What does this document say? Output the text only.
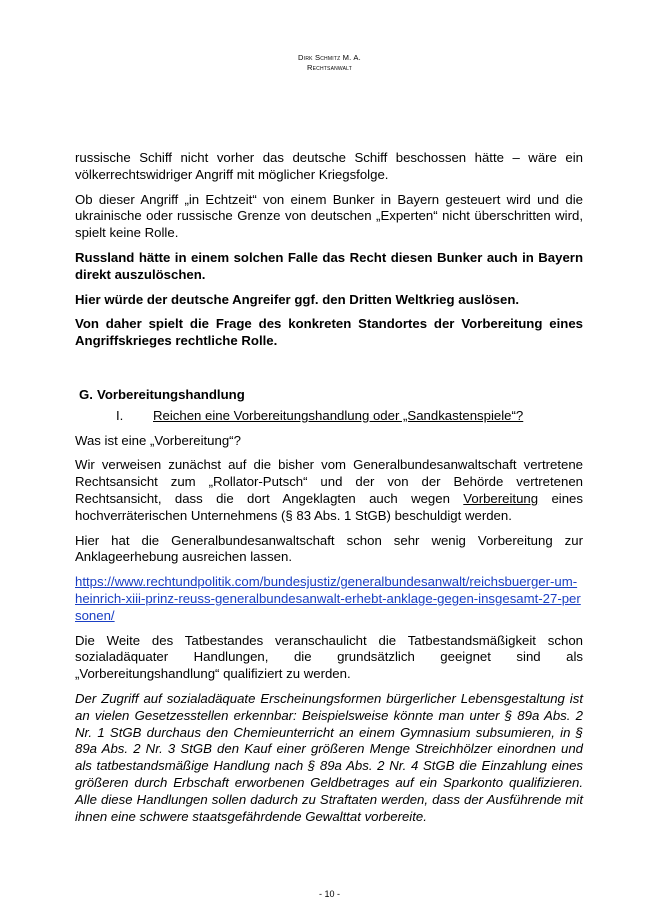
Dirk Schmitz M. A.
Rechtsanwalt

russische Schiff nicht vorher das deutsche Schiff beschossen hätte – wäre ein völkerrechtswidriger Angriff mit möglicher Kriegsfolge.

Ob dieser Angriff „in Echtzeit“ von einem Bunker in Bayern gesteuert wird und die ukrainische oder russische Grenze von deutschen „Experten“ nicht überschritten wird, spielt keine Rolle.

Russland hätte in einem solchen Falle das Recht diesen Bunker auch in Bayern direkt auszulöschen.

Hier würde der deutsche Angreifer ggf. den Dritten Weltkrieg auslösen.

Von daher spielt die Frage des konkreten Standortes der Vorbereitung eines Angriffskrieges rechtliche Rolle.

G. Vorbereitungshandlung
I.	Reichen eine Vorbereitungshandlung oder „Sandkastenspiele“?

Was ist eine „Vorbereitung“?

Wir verweisen zunächst auf die bisher vom Generalbundesanwaltschaft vertretene Rechtsansicht zum „Rollator-Putsch“ und der von der Behörde vertretenen Rechtsansicht, dass die dort Angeklagten auch wegen Vorbereitung eines hochverräterischen Unternehmens (§ 83 Abs. 1 StGB) beschuldigt werden.

Hier hat die Generalbundesanwaltschaft schon sehr wenig Vorbereitung zur Anklageerhebung ausreichen lassen.

https://www.rechtundpolitik.com/bundesjustiz/generalbundesanwalt/reichsbuerger-um-heinrich-xiii-prinz-reuss-generalbundesanwalt-erhebt-anklage-gegen-insgesamt-27-personen/

Die Weite des Tatbestandes veranschaulicht die Tatbestandsmäßigkeit schon sozialadäquater Handlungen, die grundsätzlich geeignet sind als „Vorbereitungshandlung“ qualifiziert zu werden.

Der Zugriff auf sozialadäquate Erscheinungsformen bürgerlicher Lebensgestaltung ist an vielen Gesetzesstellen erkennbar: Beispielsweise könnte man unter § 89a Abs. 2 Nr. 1 StGB durchaus den Chemieunterricht an einem Gymnasium subsumieren, in § 89a Abs. 2 Nr. 3 StGB den Kauf einer größeren Menge Streichhölzer einordnen und als tatbestandsmäßige Handlung nach § 89a Abs. 2 Nr. 4 StGB die Einzahlung eines größeren durch Erbschaft erworbenen Geldbetrages auf ein Sparkonto qualifizieren. Alle diese Handlungen sollen dadurch zu Straftaten werden, dass der Ausführende mit ihnen eine schwere staatsgefährdende Gewalttat vorbereite.

- 10 -
